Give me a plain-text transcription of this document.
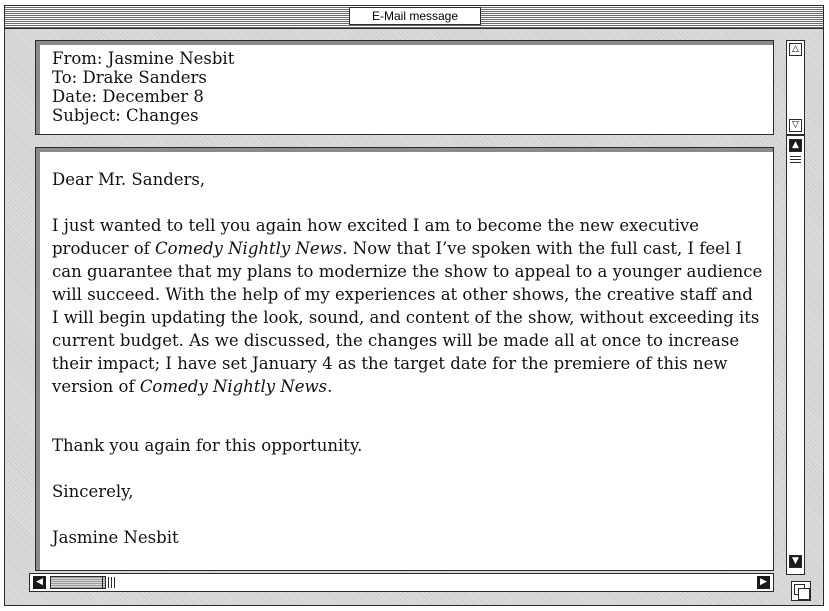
E-Mail message
From: Jasmine Nesbit
To: Drake Sanders
Date: December 8
Subject: Changes
△
▽

Dear Mr. Sanders,

I just wanted to tell you again how excited I am to become the new executive producer of Comedy Nightly News. Now that I’ve spoken with the full cast, I feel I can guarantee that my plans to modernize the show to appeal to a younger audience will succeed. With the help of my experiences at other shows, the creative staff and I will begin updating the look, sound, and content of the show, without exceeding its current budget. As we discussed, the changes will be made all at once to increase their impact; I have set January 4 as the target date for the premiere of this new version of Comedy Nightly News.

Thank you again for this opportunity.

Sincerely,

Jasmine Nesbit

▲
▼
◀	▶
